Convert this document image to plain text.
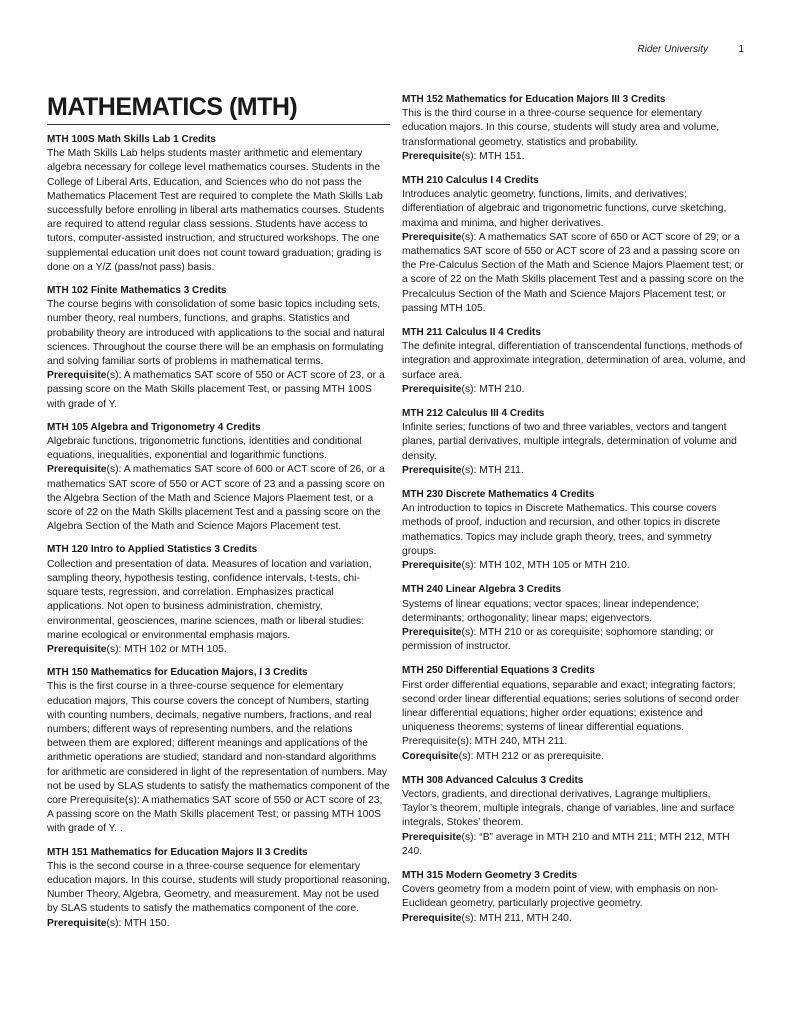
Rider University	1
MATHEMATICS (MTH)
MTH 100S Math Skills Lab 1 Credits
The Math Skills Lab helps students master arithmetic and elementary algebra necessary for college level mathematics courses. Students in the College of Liberal Arts, Education, and Sciences who do not pass the Mathematics Placement Test are required to complete the Math Skills Lab successfully before enrolling in liberal arts mathematics courses. Students are required to attend regular class sessions. Students have access to tutors, computer-assisted instruction, and structured workshops. The one supplemental education unit does not count toward graduation; grading is done on a Y/Z (pass/not pass) basis.
MTH 102 Finite Mathematics 3 Credits
The course begins with consolidation of some basic topics including sets, number theory, real numbers, functions, and graphs. Statistics and probability theory are introduced with applications to the social and natural sciences. Throughout the course there will be an emphasis on formulating and solving familiar sorts of problems in mathematical terms.
Prerequisite(s): A mathematics SAT score of 550 or ACT score of 23, or a passing score on the Math Skills placement Test, or passing MTH 100S with grade of Y.
MTH 105 Algebra and Trigonometry 4 Credits
Algebraic functions, trigonometric functions, identities and conditional equations, inequalities, exponential and logarithmic functions.
Prerequisite(s): A mathematics SAT score of 600 or ACT score of 26, or a mathematics SAT score of 550 or ACT score of 23 and a passing score on the Algebra Section of the Math and Science Majors Plaement test, or a score of 22 on the Math Skills placement Test and a passing score on the Algebra Section of the Math and Science Majors Placement test.
MTH 120 Intro to Applied Statistics 3 Credits
Collection and presentation of data. Measures of location and variation, sampling theory, hypothesis testing, confidence intervals, t-tests, chi-square tests, regression, and correlation. Emphasizes practical applications. Not open to business administration, chemistry, environmental, geosciences, marine sciences, math or liberal studies: marine ecological or environmental emphasis majors.
Prerequisite(s): MTH 102 or MTH 105.
MTH 150 Mathematics for Education Majors, I 3 Credits
This is the first course in a three-course sequence for elementary education majors, This course covers the concept of Numbers, starting with counting numbers, decimals, negative numbers, fractions, and real numbers; different ways of representing numbers, and the relations between them are explored; different meanings and applications of the arithmetic operations are studied; standard and non-standard algorithms for arithmetic are considered in light of the representation of numbers. May not be used by SLAS students to satisfy the mathematics component of the core Prerequisite(s): A mathematics SAT score of 550 or ACT score of 23; A passing score on the Math Skills placement Test; or passing MTH 100S with grade of Y. .
MTH 151 Mathematics for Education Majors II 3 Credits
This is the second course in a three-course sequence for elementary education majors. In this course, students will study proportional reasoning, Number Theory, Algebra, Geometry, and measurement. May not be used by SLAS students to satisfy the mathematics component of the core.
Prerequisite(s): MTH 150.
MTH 152 Mathematics for Education Majors III 3 Credits
This is the third course in a three-course sequence for elementary education majors. In this course, students will study area and volume, transformational geometry, statistics and probability.
Prerequisite(s): MTH 151.
MTH 210 Calculus I 4 Credits
Introduces analytic geometry, functions, limits, and derivatives; differentiation of algebraic and trigonometric functions, curve sketching, maxima and minima, and higher derivatives.
Prerequisite(s): A mathematics SAT score of 650 or ACT score of 29; or a mathematics SAT score of 550 or ACT score of 23 and a passing score on the Pre-Calculus Section of the Math and Science Majors Plaement test; or a score of 22 on the Math Skills placement Test and a passing score on the Precalculus Section of the Math and Science Majors Placement test; or passing MTH 105.
MTH 211 Calculus II 4 Credits
The definite integral, differentiation of transcendental functions, methods of integration and approximate integration, determination of area, volume, and surface area.
Prerequisite(s): MTH 210.
MTH 212 Calculus III 4 Credits
Infinite series; functions of two and three variables, vectors and tangent planes, partial derivatives, multiple integrals, determination of volume and density.
Prerequisite(s): MTH 211.
MTH 230 Discrete Mathematics 4 Credits
An introduction to topics in Discrete Mathematics. This course covers methods of proof, induction and recursion, and other topics in discrete mathematics. Topics may include graph theory, trees, and symmetry groups.
Prerequisite(s): MTH 102, MTH 105 or MTH 210.
MTH 240 Linear Algebra 3 Credits
Systems of linear equations; vector spaces; linear independence; determinants; orthogonality; linear maps; eigenvectors.
Prerequisite(s): MTH 210 or as corequisite; sophomore standing; or permission of instructor.
MTH 250 Differential Equations 3 Credits
First order differential equations, separable and exact; integrating factors; second order linear differential equations; series solutions of second order linear differential equations; higher order equations; existence and uniqueness theorems; systems of linear differential equations.
Prerequisite(s): MTH 240, MTH 211.
Corequisite(s): MTH 212 or as prerequisite.
MTH 308 Advanced Calculus 3 Credits
Vectors, gradients, and directional derivatives, Lagrange multipliers, Taylor’s theorem, multiple integrals, change of variables, line and surface integrals, Stokes’ theorem.
Prerequisite(s): “B” average in MTH 210 and MTH 211; MTH 212, MTH 240.
MTH 315 Modern Geometry 3 Credits
Covers geometry from a modern point of view, with emphasis on non-Euclidean geometry, particularly projective geometry.
Prerequisite(s): MTH 211, MTH 240.
